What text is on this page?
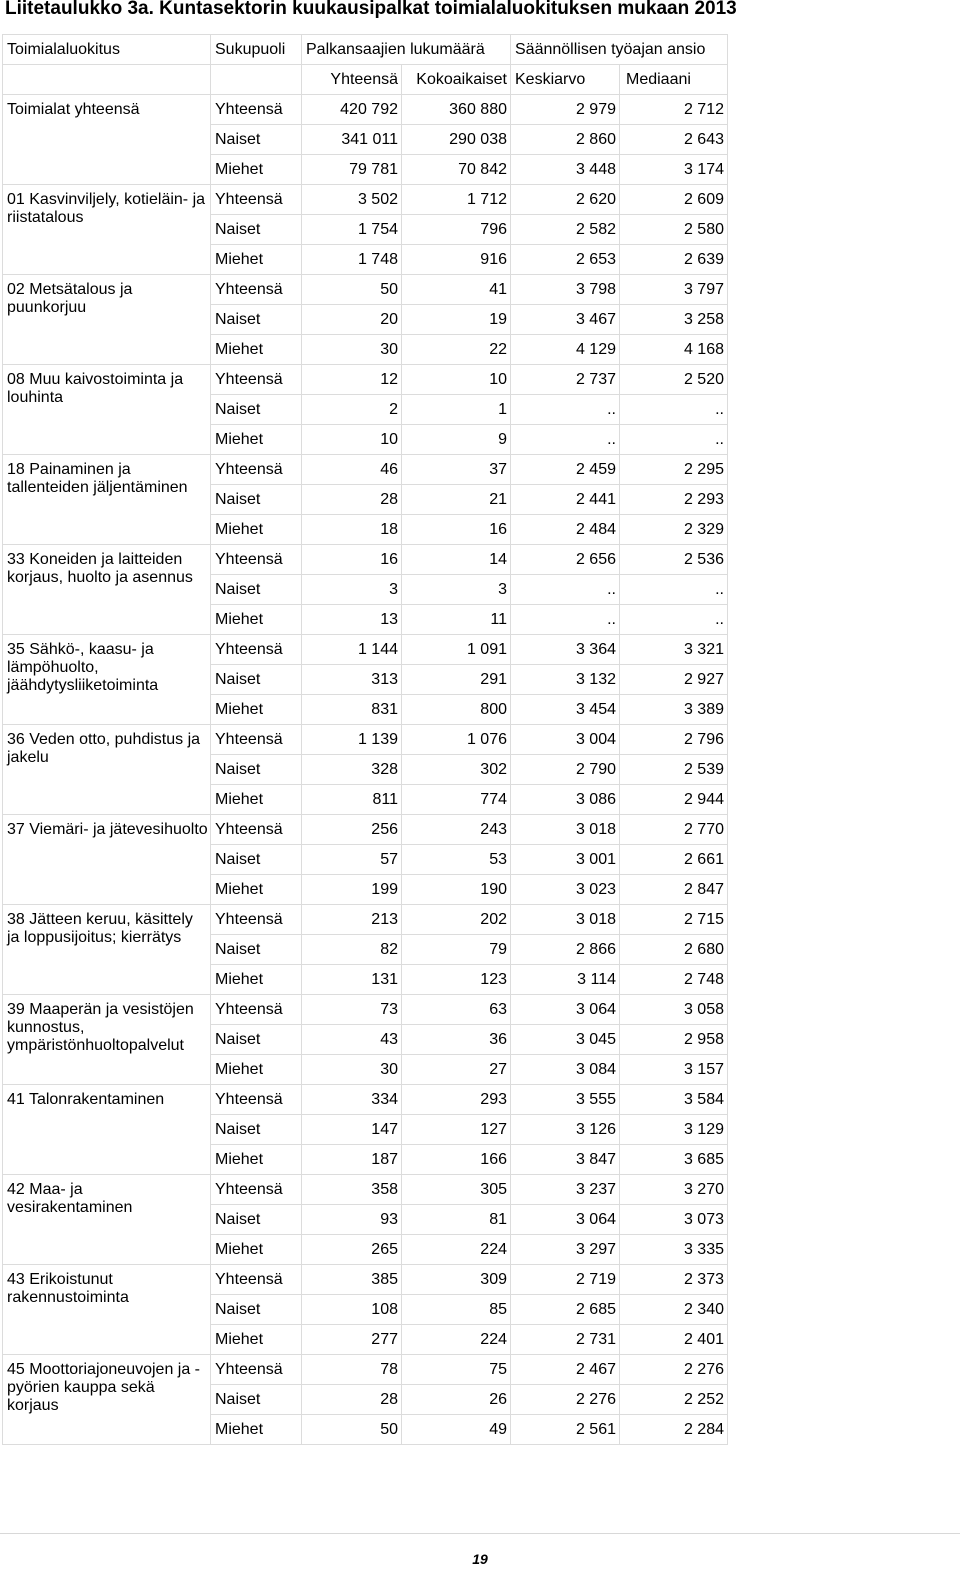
Liitetaulukko 3a. Kuntasektorin kuukausipalkat toimialaluokituksen mukaan 2013
Toimialaluokitus	Sukupuoli	Palkansaajien lukumäärä		Säännöllisen työajan ansio	
		Yhteensä	Kokoaikaiset	Keskiarvo	Mediaani
Toimialat yhteensä	Yhteensä	420 792	360 880	2 979	2 712
	Naiset	341 011	290 038	2 860	2 643
	Miehet	79 781	70 842	3 448	3 174
01 Kasvinviljely, kotieläin- ja riistatalous	Yhteensä	3 502	1 712	2 620	2 609
	Naiset	1 754	796	2 582	2 580
	Miehet	1 748	916	2 653	2 639
02 Metsätalous ja puunkorjuu	Yhteensä	50	41	3 798	3 797
	Naiset	20	19	3 467	3 258
	Miehet	30	22	4 129	4 168
08 Muu kaivostoiminta ja louhinta	Yhteensä	12	10	2 737	2 520
	Naiset	2	1	..	..
	Miehet	10	9	..	..
18 Painaminen ja tallenteiden jäljentäminen	Yhteensä	46	37	2 459	2 295
	Naiset	28	21	2 441	2 293
	Miehet	18	16	2 484	2 329
33 Koneiden ja laitteiden korjaus, huolto ja asennus	Yhteensä	16	14	2 656	2 536
	Naiset	3	3	..	..
	Miehet	13	11	..	..
35 Sähkö-, kaasu- ja lämpöhuolto, jäähdytysliiketoiminta	Yhteensä	1 144	1 091	3 364	3 321
	Naiset	313	291	3 132	2 927
	Miehet	831	800	3 454	3 389
36 Veden otto, puhdistus ja jakelu	Yhteensä	1 139	1 076	3 004	2 796
	Naiset	328	302	2 790	2 539
	Miehet	811	774	3 086	2 944
37 Viemäri- ja jätevesihuolto	Yhteensä	256	243	3 018	2 770
	Naiset	57	53	3 001	2 661
	Miehet	199	190	3 023	2 847
38 Jätteen keruu, käsittely ja loppusijoitus; kierrätys	Yhteensä	213	202	3 018	2 715
	Naiset	82	79	2 866	2 680
	Miehet	131	123	3 114	2 748
39 Maaperän ja vesistöjen kunnostus, ympäristönhuoltopalvelut	Yhteensä	73	63	3 064	3 058
	Naiset	43	36	3 045	2 958
	Miehet	30	27	3 084	3 157
41 Talonrakentaminen	Yhteensä	334	293	3 555	3 584
	Naiset	147	127	3 126	3 129
	Miehet	187	166	3 847	3 685
42 Maa- ja vesirakentaminen	Yhteensä	358	305	3 237	3 270
	Naiset	93	81	3 064	3 073
	Miehet	265	224	3 297	3 335
43 Erikoistunut rakennustoiminta	Yhteensä	385	309	2 719	2 373
	Naiset	108	85	2 685	2 340
	Miehet	277	224	2 731	2 401
45 Moottoriajoneuvojen ja -pyörien kauppa sekä korjaus	Yhteensä	78	75	2 467	2 276
	Naiset	28	26	2 276	2 252
	Miehet	50	49	2 561	2 284
19
